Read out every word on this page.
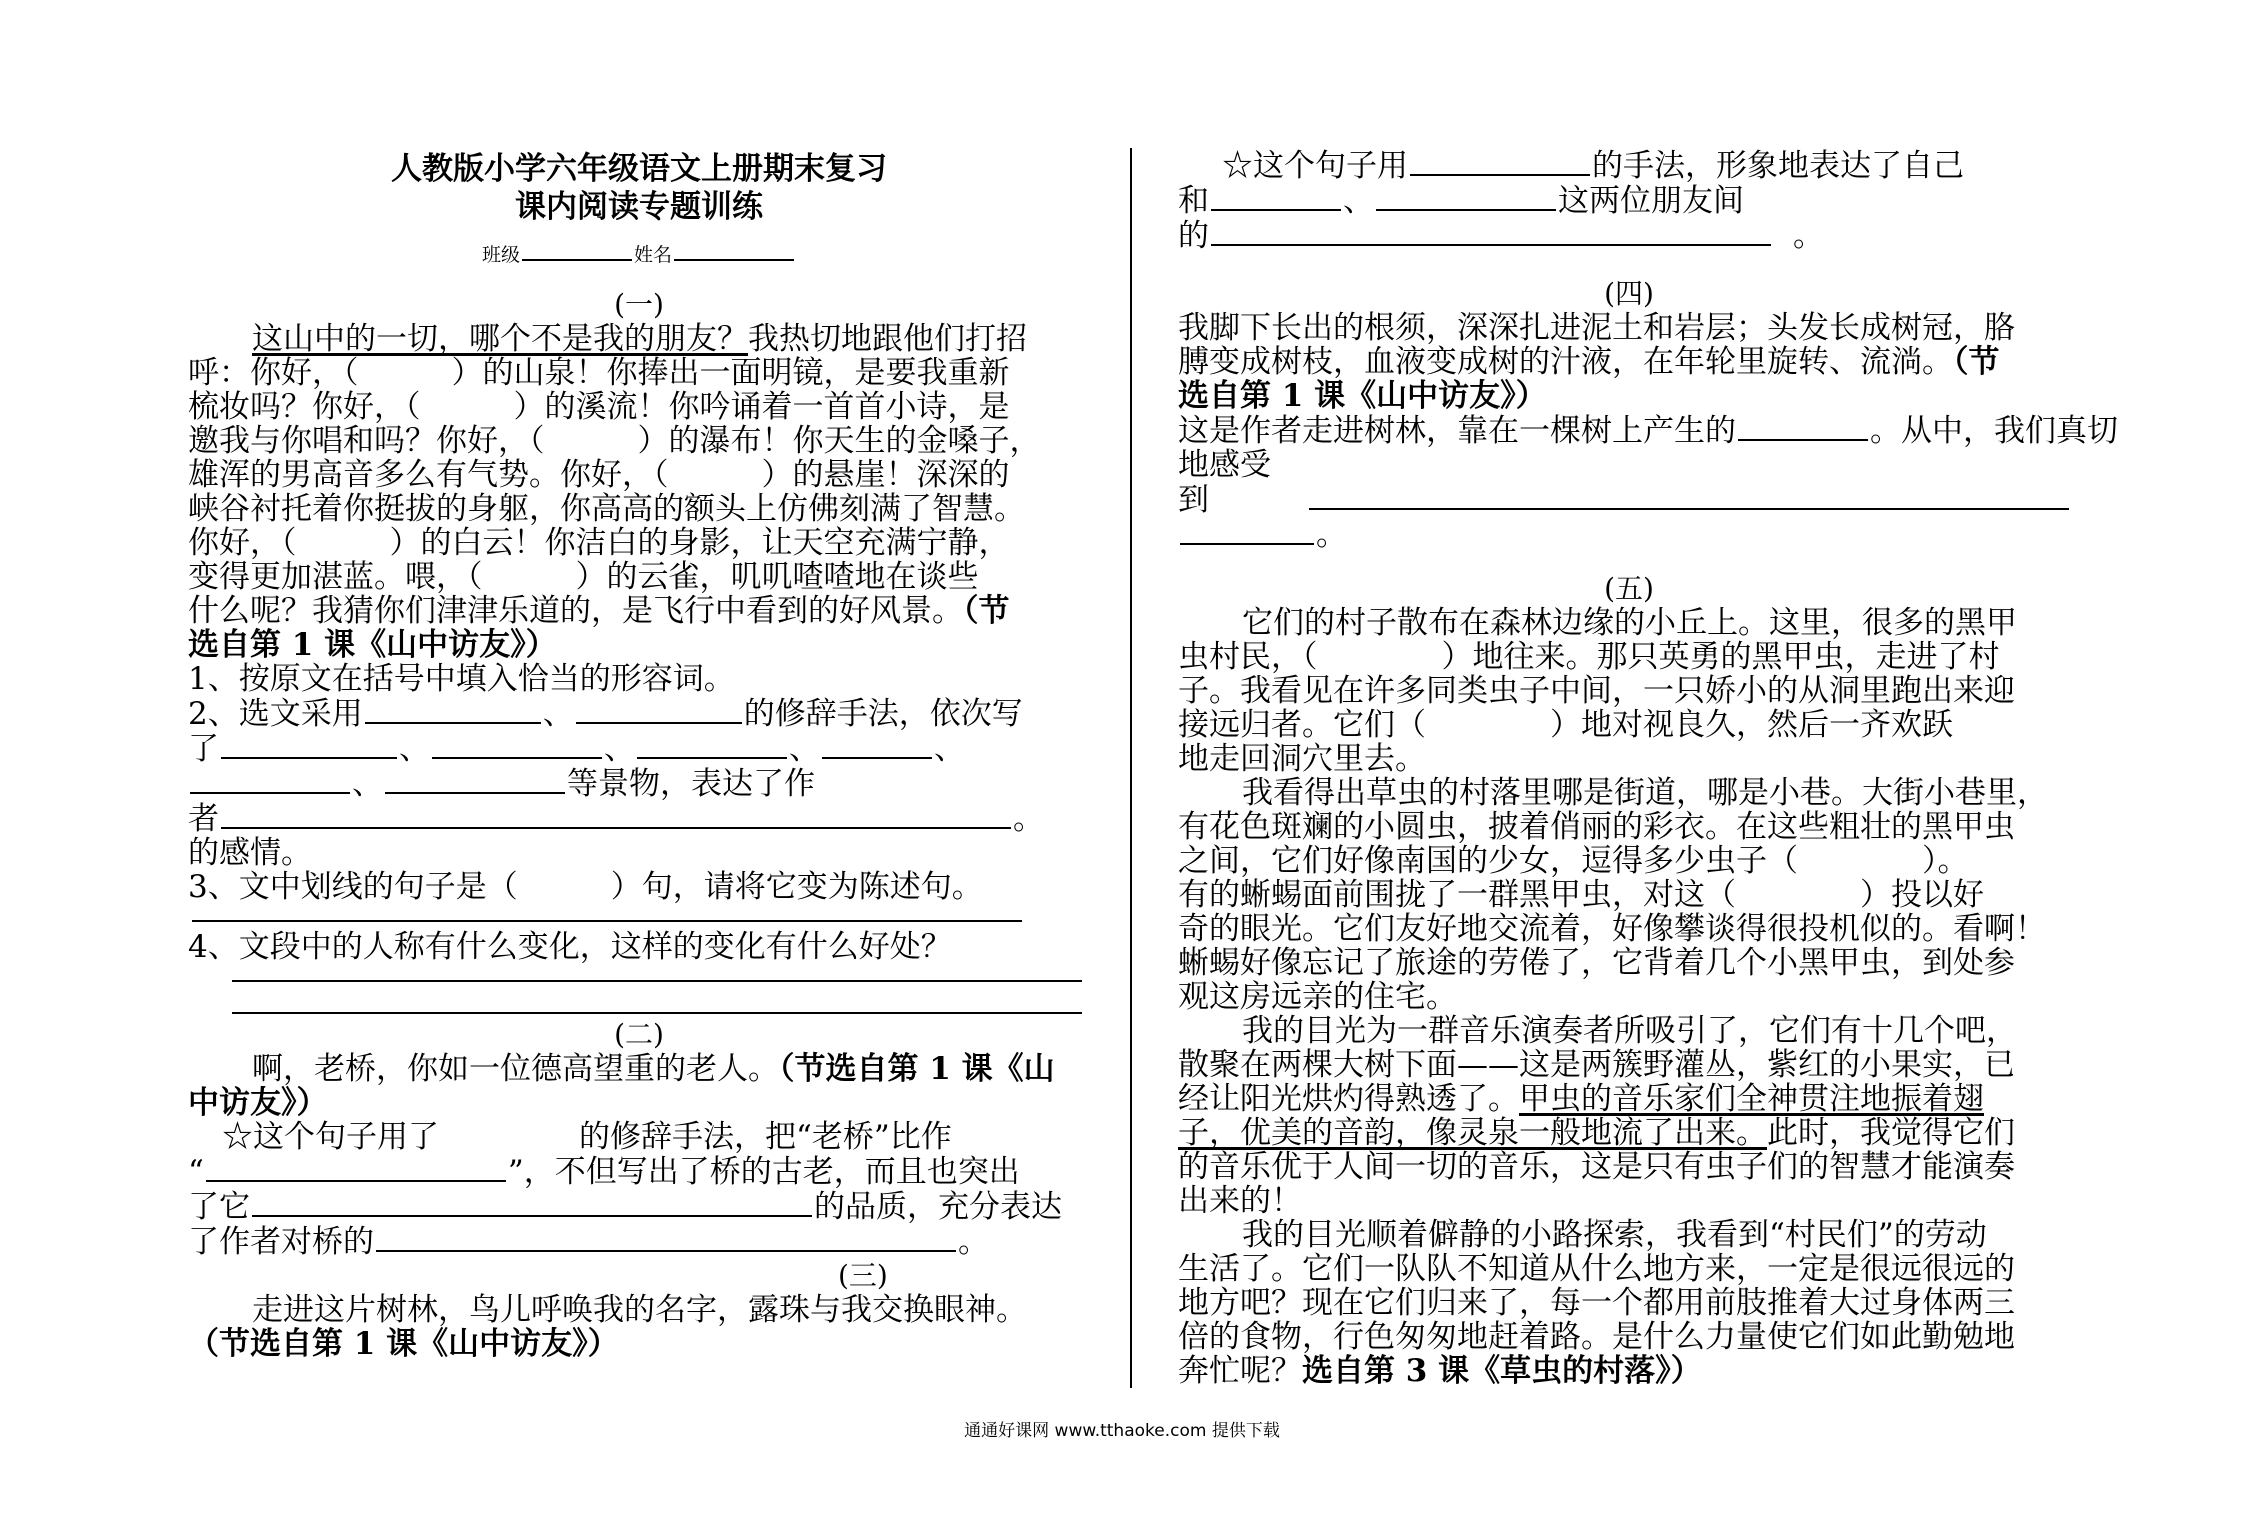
人教版小学六年级语文上册期末复习

课内阅读专题训练

班级	姓名

(一)

这山中的一切，哪个不是我的朋友？我热切地跟他们打招

呼：你好，（　　　）的山泉！你捧出一面明镜，是要我重新

梳妆吗？你好，（　　　）的溪流！你吟诵着一首首小诗，是

邀我与你唱和吗？你好，（　　　）的瀑布！你天生的金嗓子，

雄浑的男高音多么有气势。你好，（　　　）的悬崖！深深的

峡谷衬托着你挺拔的身躯，你高高的额头上仿佛刻满了智慧。

你好，（　　　）的白云！你洁白的身影，让天空充满宁静，

变得更加湛蓝。喂，（　　　）的云雀，叽叽喳喳地在谈些

什么呢？我猜你们津津乐道的，是飞行中看到的好风景。（节

选自第 1 课《山中访友》）

1、按原文在括号中填入恰当的形容词。

2、选文采用	、	的修辞手法，依次写

了	、	、	、	、

、	等景物，表达了作

者	。

的感情。

3、文中划线的句子是（　　　）句，请将它变为陈述句。

4、文段中的人称有什么变化，这样的变化有什么好处？

(二)

啊，老桥，你如一位德高望重的老人。（节选自第 1 课《山

中访友》）

☆这个句子用了	的修辞手法，把“老桥”比作

“	”，不但写出了桥的古老，而且也突出

了它	的品质，充分表达

了作者对桥的	。

(三)

走进这片树林，鸟儿呼唤我的名字，露珠与我交换眼神。

（节选自第 1 课《山中访友》）

☆这个句子用	的手法，形象地表达了自己

和	、	这两位朋友间

的	。

(四)

我脚下长出的根须，深深扎进泥土和岩层；头发长成树冠，胳

膊变成树枝，血液变成树的汁液，在年轮里旋转、流淌。（节

选自第 1 课《山中访友》）

这是作者走进树林，靠在一棵树上产生的	。从中，我们真切

地感受

到

。

(五)

它们的村子散布在森林边缘的小丘上。这里，很多的黑甲

虫村民，（　　　　）地往来。那只英勇的黑甲虫，走进了村

子。我看见在许多同类虫子中间，一只娇小的从洞里跑出来迎

接远归者。它们（　　　　）地对视良久，然后一齐欢跃

地走回洞穴里去。

我看得出草虫的村落里哪是街道，哪是小巷。大街小巷里，

有花色斑斓的小圆虫，披着俏丽的彩衣。在这些粗壮的黑甲虫

之间，它们好像南国的少女，逗得多少虫子（　　　　）。

有的蜥蜴面前围拢了一群黑甲虫，对这（　　　　）投以好

奇的眼光。它们友好地交流着，好像攀谈得很投机似的。看啊！

蜥蜴好像忘记了旅途的劳倦了，它背着几个小黑甲虫，到处参

观这房远亲的住宅。

我的目光为一群音乐演奏者所吸引了，它们有十几个吧，

散聚在两棵大树下面——这是两簇野灌丛，紫红的小果实，已

经让阳光烘灼得熟透了。甲虫的音乐家们全神贯注地振着翅

子，优美的音韵，像灵泉一般地流了出来。此时，我觉得它们

的音乐优于人间一切的音乐，这是只有虫子们的智慧才能演奏

出来的！

我的目光顺着僻静的小路探索，我看到“村民们”的劳动

生活了。它们一队队不知道从什么地方来，一定是很远很远的

地方吧？现在它们归来了，每一个都用前肢推着大过身体两三

倍的食物，行色匆匆地赶着路。是什么力量使它们如此勤勉地

奔忙呢？选自第 3 课《草虫的村落》）

通通好课网 www.tthaoke.com 提供下载
